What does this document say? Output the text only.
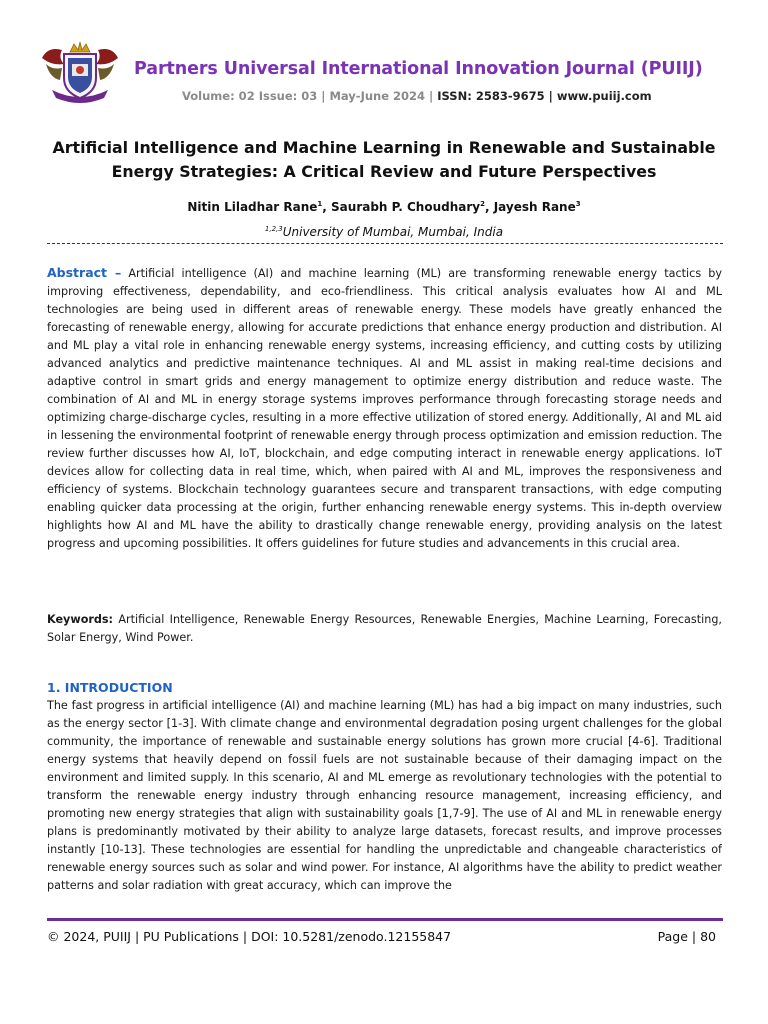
Partners Universal International Innovation Journal (PUIIJ)
Volume: 02 Issue: 03 | May-June 2024 | ISSN: 2583-9675 | www.puiij.com
Artificial Intelligence and Machine Learning in Renewable and Sustainable Energy Strategies: A Critical Review and Future Perspectives
Nitin Liladhar Rane$^1$, Saurabh P. Choudhary$^2$, Jayesh Rane$^3$
$^{1,2,3}$University of Mumbai, Mumbai, India
Abstract – Artificial intelligence (AI) and machine learning (ML) are transforming renewable energy tactics by improving effectiveness, dependability, and eco-friendliness. This critical analysis evaluates how AI and ML technologies are being used in different areas of renewable energy. These models have greatly enhanced the forecasting of renewable energy, allowing for accurate predictions that enhance energy production and distribution. AI and ML play a vital role in enhancing renewable energy systems, increasing efficiency, and cutting costs by utilizing advanced analytics and predictive maintenance techniques. AI and ML assist in making real-time decisions and adaptive control in smart grids and energy management to optimize energy distribution and reduce waste. The combination of AI and ML in energy storage systems improves performance through forecasting storage needs and optimizing charge-discharge cycles, resulting in a more effective utilization of stored energy. Additionally, AI and ML aid in lessening the environmental footprint of renewable energy through process optimization and emission reduction. The review further discusses how AI, IoT, blockchain, and edge computing interact in renewable energy applications. IoT devices allow for collecting data in real time, which, when paired with AI and ML, improves the responsiveness and efficiency of systems. Blockchain technology guarantees secure and transparent transactions, with edge computing enabling quicker data processing at the origin, further enhancing renewable energy systems. This in-depth overview highlights how AI and ML have the ability to drastically change renewable energy, providing analysis on the latest progress and upcoming possibilities. It offers guidelines for future studies and advancements in this crucial area.
Keywords: Artificial Intelligence, Renewable Energy Resources, Renewable Energies, Machine Learning, Forecasting, Solar Energy, Wind Power.
1. INTRODUCTION
The fast progress in artificial intelligence (AI) and machine learning (ML) has had a big impact on many industries, such as the energy sector [1-3]. With climate change and environmental degradation posing urgent challenges for the global community, the importance of renewable and sustainable energy solutions has grown more crucial [4-6]. Traditional energy systems that heavily depend on fossil fuels are not sustainable because of their damaging impact on the environment and limited supply. In this scenario, AI and ML emerge as revolutionary technologies with the potential to transform the renewable energy industry through enhancing resource management, increasing efficiency, and promoting new energy strategies that align with sustainability goals [1,7-9]. The use of AI and ML in renewable energy plans is predominantly motivated by their ability to analyze large datasets, forecast results, and improve processes instantly [10-13]. These technologies are essential for handling the unpredictable and changeable characteristics of renewable energy sources such as solar and wind power. For instance, AI algorithms have the ability to predict weather patterns and solar radiation with great accuracy, which can improve the
© 2024, PUIIJ | PU Publications | DOI: 10.5281/zenodo.12155847	Page | 80
